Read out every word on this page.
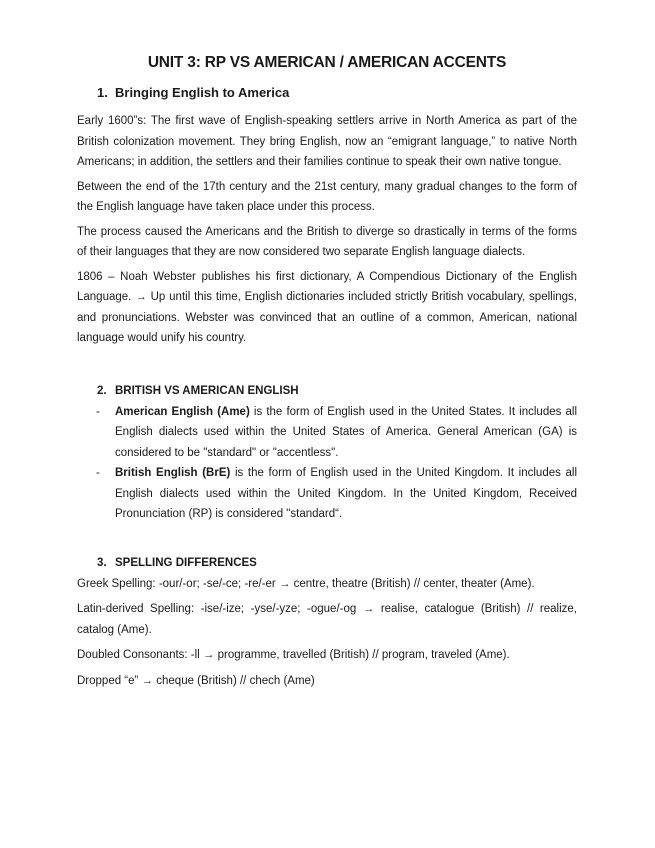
UNIT 3: RP VS AMERICAN / AMERICAN ACCENTS
1. Bringing English to America

Early 1600”s: The first wave of English-speaking settlers arrive in North America as part of the British colonization movement. They bring English, now an “emigrant language,” to native North Americans; in addition, the settlers and their families continue to speak their own native tongue.

Between the end of the 17th century and the 21st century, many gradual changes to the form of the English language have taken place under this process.

The process caused the Americans and the British to diverge so drastically in terms of the forms of their languages that they are now considered two separate English language dialects.

1806 – Noah Webster publishes his first dictionary, A Compendious Dictionary of the English Language. → Up until this time, English dictionaries included strictly British vocabulary, spellings, and pronunciations. Webster was convinced that an outline of a common, American, national language would unify his country.

2. BRITISH VS AMERICAN ENGLISH
-	American English (Ame) is the form of English used in the United States. It includes all English dialects used within the United States of America. General American (GA) is considered to be "standard" or "accentless".
-	British English (BrE) is the form of English used in the United Kingdom. It includes all English dialects used within the United Kingdom. In the United Kingdom, Received Pronunciation (RP) is considered "standard“.
3. SPELLING DIFFERENCES

Greek Spelling: -our/-or; -se/-ce; -re/-er → centre, theatre (British) // center, theater (Ame).

Latin-derived Spelling: -ise/-ize; -yse/-yze; -ogue/-og → realise, catalogue (British) // realize, catalog (Ame).

Doubled Consonants: -ll → programme, travelled (British) // program, traveled (Ame).

Dropped “e” → cheque (British) // chech (Ame)
